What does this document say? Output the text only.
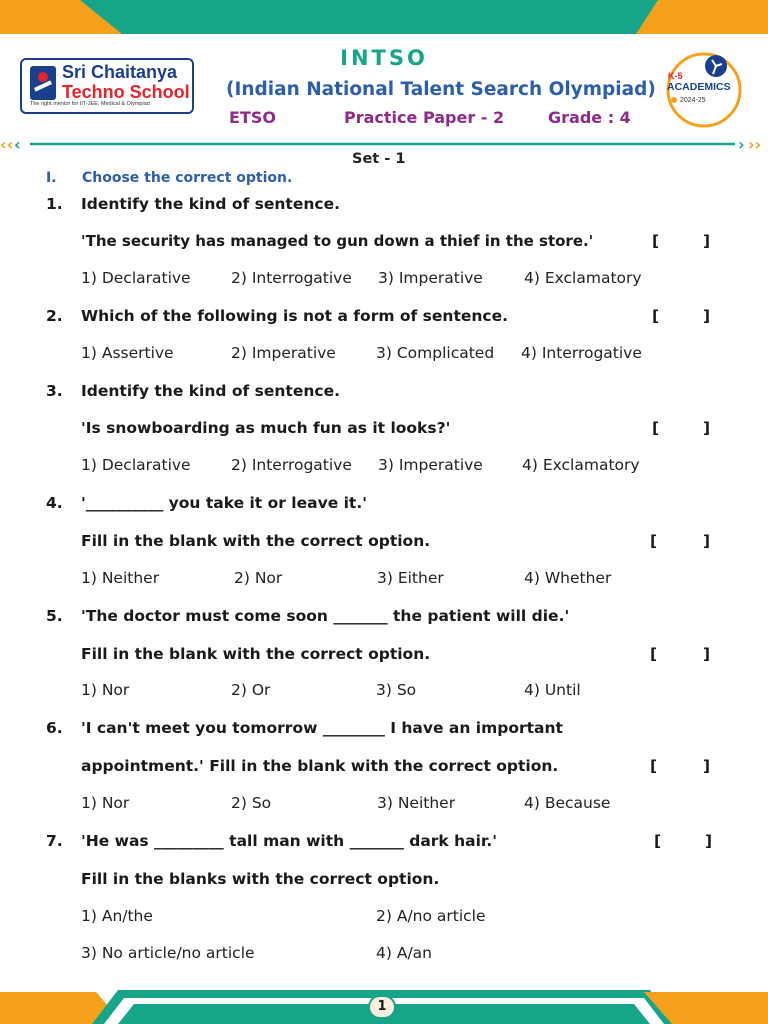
Sri Chaitanya
Techno School
The right mentor for IIT-JEE, Medical & Olympiad
INTSO
(Indian National Talent Search Olympiad)
ETSO	Practice Paper - 2	Grade : 4
K-5
ACADEMICS
2024-25
‹‹ ‹	› ››
Set - 1
I. Choose the correct option.
1. Identify the kind of sentence.
'The security has managed to gun down a thief in the store.'	[	]
1) Declarative	2) Interrogative 3) Imperative	4) Exclamatory
2. Which of the following is not a form of sentence.	[	]
1) Assertive	2) Imperative	3) Complicated 4) Interrogative
3. Identify the kind of sentence.
'Is snowboarding as much fun as it looks?'	[	]
1) Declarative	2) Interrogative 3) Imperative	4) Exclamatory
4. '__________ you take it or leave it.'
Fill in the blank with the correct option.	[	]
1) Neither	2) Nor	3) Either	4) Whether
5. 'The doctor must come soon _______ the patient will die.'
Fill in the blank with the correct option.	[	]
1) Nor	2) Or	3) So	4) Until
6. 'I can't meet you tomorrow ________ I have an important
appointment.' Fill in the blank with the correct option.	[	]
1) Nor	2) So	3) Neither	4) Because
7. 'He was _________ tall man with _______ dark hair.'
Fill in the blanks with the correct option.
[	]
1) An/the	2) A/no article
3) No article/no article	4) A/an
1
